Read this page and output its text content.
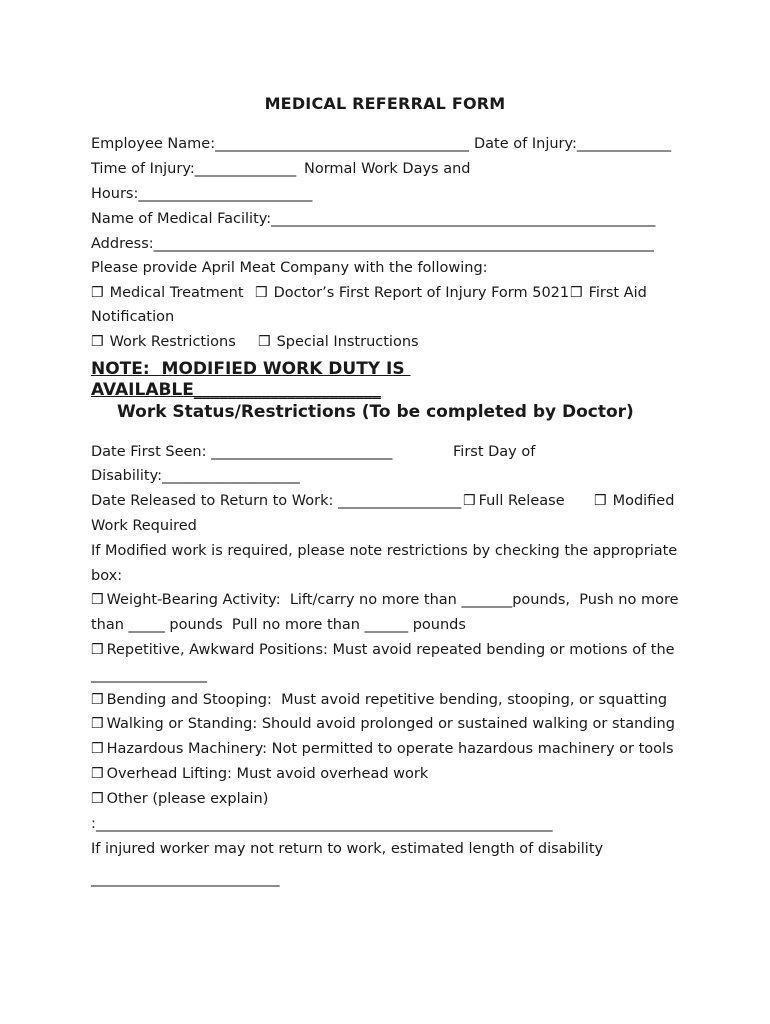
MEDICAL REFERRAL FORM
Employee Name:___________________________________ Date of Injury:_____________
Time of Injury:______________ Normal Work Days and
Hours:________________________
Name of Medical Facility:_____________________________________________________
Address:_____________________________________________________________________
Please provide April Meat Company with the following:
❒ Medical Treatment ❒ Doctor’s First Report of Injury Form 5021 ❒ First Aid
Notification
❒ Work Restrictions ❒ Special Instructions
NOTE:  MODIFIED WORK DUTY IS
AVAILABLE______________________
Work Status/Restrictions (To be completed by Doctor)
Date First Seen: _________________________	First Day of
Disability:___________________
Date Released to Return to Work: _________________ ❒ Full Release ❒ Modified
Work Required
If Modified work is required, please note restrictions by checking the appropriate
box:
❒ Weight-Bearing Activity:  Lift/carry no more than _______pounds,  Push no more
than _____ pounds  Pull no more than ______ pounds
❒ Repetitive, Awkward Positions: Must avoid repeated bending or motions of the
________________
❒ Bending and Stooping:  Must avoid repetitive bending, stooping, or squatting
❒ Walking or Standing: Should avoid prolonged or sustained walking or standing
❒ Hazardous Machinery: Not permitted to operate hazardous machinery or tools
❒ Overhead Lifting: Must avoid overhead work
❒ Other (please explain)
:_______________________________________________________________
If injured worker may not return to work, estimated length of disability
__________________________
